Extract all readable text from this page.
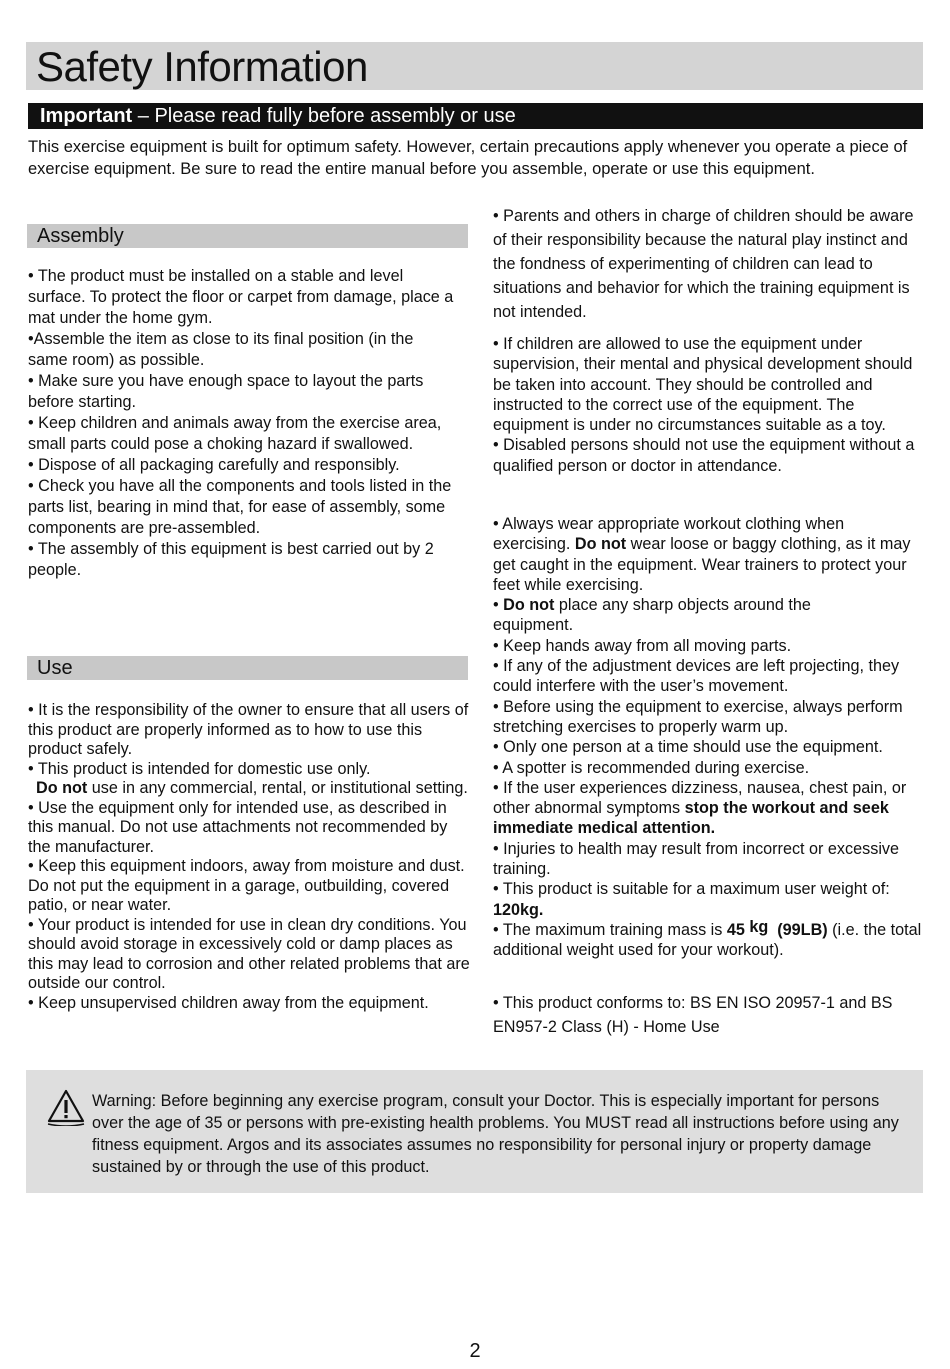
Safety Information
Important – Please read fully before assembly or use

This exercise equipment is built for optimum safety. However, certain precautions apply whenever you operate a piece of exercise equipment. Be sure to read the entire manual before you assemble, operate or use this equipment.

Assembly

• The product must be installed on a stable and level surface. To protect the floor or carpet from damage, place a mat under the home gym.

•Assemble the item as close to its final position (in the same room) as possible.

• Make sure you have enough space to layout the parts before starting.

• Keep children and animals away from the exercise area, small parts could pose a choking hazard if swallowed.

• Dispose of all packaging carefully and responsibly.

• Check you have all the components and tools listed in the parts list, bearing in mind that, for ease of assembly, some components are pre-assembled.

• The assembly of this equipment is best carried out by 2 people.

Use

• It is the responsibility of the owner to ensure that all users of this product are properly informed as to how to use this product safely.

• This product is intended for domestic use only.

Do not use in any commercial, rental, or institutional setting.

• Use the equipment only for intended use, as described in this manual. Do not use attachments not recommended by the manufacturer.

• Keep this equipment indoors, away from moisture and dust. Do not put the equipment in a garage, outbuilding, covered patio, or near water.

• Your product is intended for use in clean dry conditions. You should avoid storage in excessively cold or damp places as this may lead to corrosion and other related problems that are outside our control.

• Keep unsupervised children away from the equipment.

• Parents and others in charge of children should be aware of their responsibility because the natural play instinct and the fondness of experimenting of children can lead to situations and behavior for which the training equipment is not intended.

• If children are allowed to use the equipment under supervision, their mental and physical development should be taken into account. They should be controlled and instructed to the correct use of the equipment. The equipment is under no circumstances suitable as a toy.

• Disabled persons should not use the equipment without a qualified person or doctor in attendance.

• Always wear appropriate workout clothing when exercising. Do not wear loose or baggy clothing, as it may get caught in the equipment. Wear trainers to protect your feet while exercising.

• Do not place any sharp objects around the equipment.

• Keep hands away from all moving parts.

• If any of the adjustment devices are left projecting, they could interfere with the user’s movement.

• Before using the equipment to exercise, always perform stretching exercises to properly warm up.

• Only one person at a time should use the equipment.

• A spotter is recommended during exercise.

• If the user experiences dizziness, nausea, chest pain, or other abnormal symptoms stop the workout and seek immediate medical attention.

• Injuries to health may result from incorrect or excessive training.

• This product is suitable for a maximum user weight of: 120kg.

• The maximum training mass is 45 kg (99LB) (i.e. the total additional weight used for your workout).

• This product conforms to: BS EN ISO 20957-1 and BS EN957-2 Class (H) - Home Use

Warning: Before beginning any exercise program, consult your Doctor. This is especially important for persons over the age of 35 or persons with pre-existing health problems. You MUST read all instructions before using any fitness equipment. Argos and its associates assumes no responsibility for personal injury or property damage sustained by or through the use of this product.

2
